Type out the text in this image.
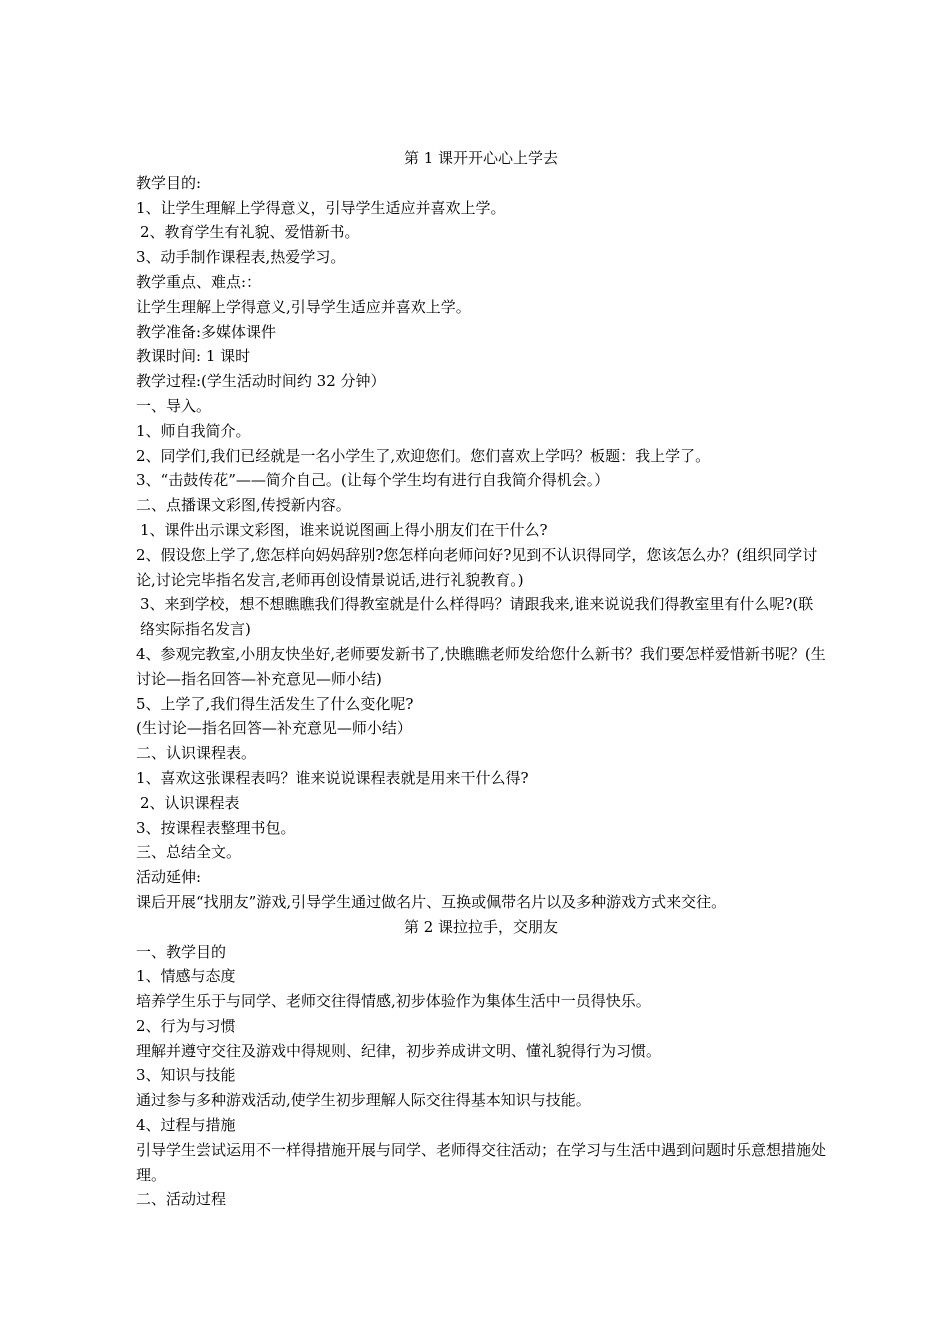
第 1 课开开心心上学去

教学目的:

1、让学生理解上学得意义，引导学生适应并喜欢上学。

2、教育学生有礼貌、爱惜新书。

3、动手制作课程表,热爱学习。

教学重点、难点:：

让学生理解上学得意义,引导学生适应并喜欢上学。

教学准备:多媒体课件

教课时间: 1 课时

教学过程:(学生活动时间约 32 分钟）

一、导入。

1、师自我简介。

2、同学们,我们已经就是一名小学生了,欢迎您们。您们喜欢上学吗？板题：我上学了。

3、“击鼓传花”——简介自己。(让每个学生均有进行自我简介得机会。）

二、点播课文彩图,传授新内容。

1、课件出示课文彩图，谁来说说图画上得小朋友们在干什么?

2、假设您上学了,您怎样向妈妈辞别?您怎样向老师问好?见到不认识得同学，您该怎么办？(组织同学讨论,讨论完毕指名发言,老师再创设情景说话,进行礼貌教育。)

3、来到学校，想不想瞧瞧我们得教室就是什么样得吗？请跟我来,谁来说说我们得教室里有什么呢?(联络实际指名发言)

4、参观完教室,小朋友快坐好,老师要发新书了,快瞧瞧老师发给您什么新书？我们要怎样爱惜新书呢？(生讨论—指名回答—补充意见—师小结)

5、上学了,我们得生活发生了什么变化呢?

(生讨论—指名回答—补充意见—师小结）

二、认识课程表。

1、喜欢这张课程表吗？谁来说说课程表就是用来干什么得?

2、认识课程表

3、按课程表整理书包。

三、总结全文。

活动延伸:

课后开展“找朋友”游戏,引导学生通过做名片、互换或佩带名片以及多种游戏方式来交往。

第 2 课拉拉手，交朋友

一、教学目的

1、情感与态度

培养学生乐于与同学、老师交往得情感,初步体验作为集体生活中一员得快乐。

2、行为与习惯

理解并遵守交往及游戏中得规则、纪律，初步养成讲文明、懂礼貌得行为习惯。

3、知识与技能

通过参与多种游戏活动,使学生初步理解人际交往得基本知识与技能。

4、过程与措施

引导学生尝试运用不一样得措施开展与同学、老师得交往活动；在学习与生活中遇到问题时乐意想措施处理。

二、活动过程
